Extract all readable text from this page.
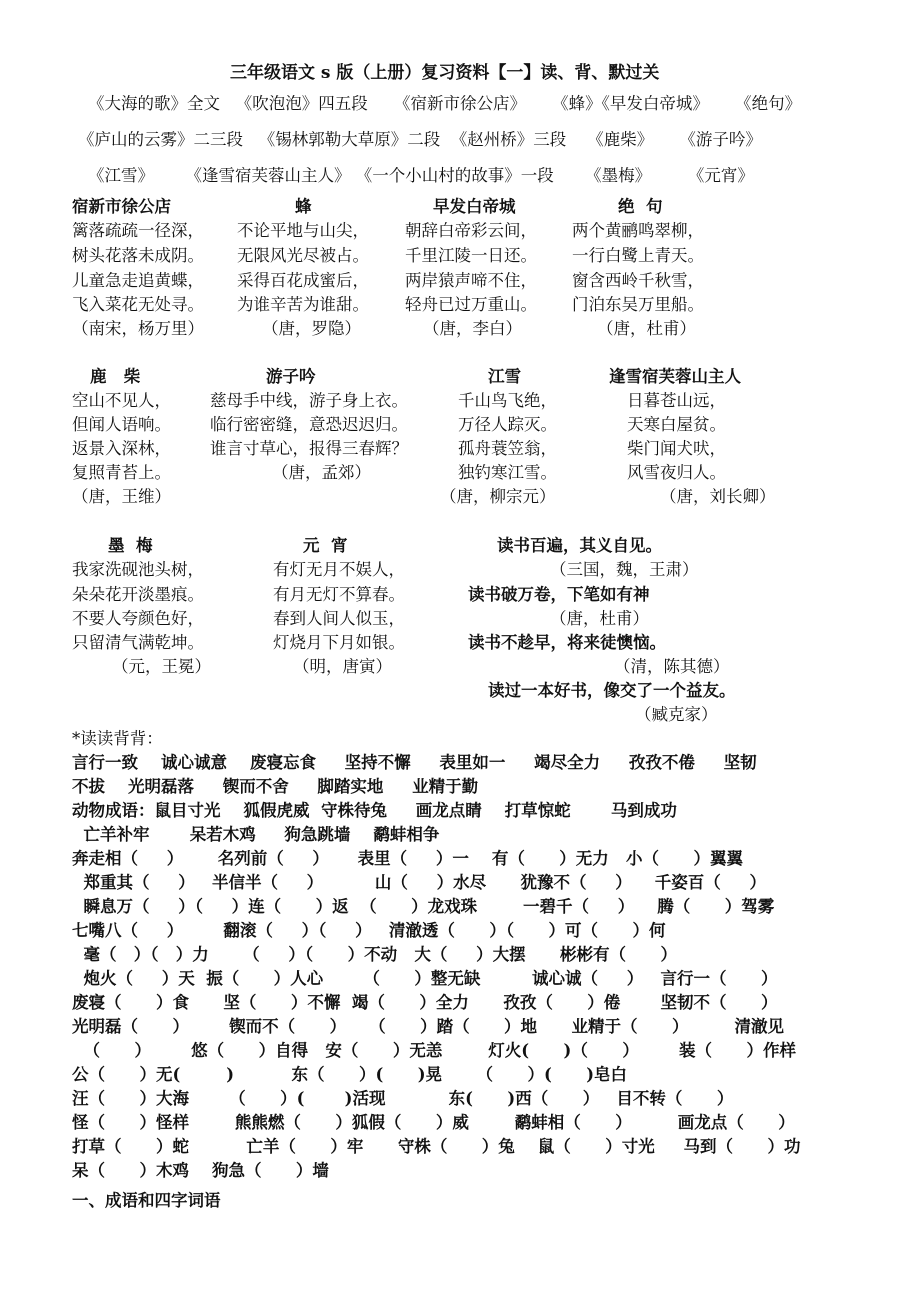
三年级语文 s 版（上册）复习资料【一】读、背、默过关
《大海的歌》全文   《吹泡泡》四五段     《宿新市徐公店》     《蜂》《早发白帝城》     《绝句》
《庐山的云雾》二三段   《锡林郭勒大草原》二段  《赵州桥》三段    《鹿柴》     《游子吟》
《江雪》      《逢雪宿芙蓉山主人》 《一个小山村的故事》一段      《墨梅》       《元宵》
宿新市徐公店
篱落疏疏一径深，
树头花落未成阴。
儿童急走追黄蝶，
飞入菜花无处寻。
（南宋，杨万里）
蜂
不论平地与山尖，
无限风光尽被占。
采得百花成蜜后，
为谁辛苦为谁甜。
（唐，罗隐）
早发白帝城
朝辞白帝彩云间，
千里江陵一日还。
两岸猿声啼不住，
轻舟已过万重山。
（唐，李白）
绝  句
两个黄鹂鸣翠柳，
一行白鹭上青天。
窗含西岭千秋雪，
门泊东吴万里船。
（唐，杜甫）
鹿   柴
空山不见人，
但闻人语响。
返景入深林，
复照青苔上。
（唐，王维）
游子吟
慈母手中线，游子身上衣。
临行密密缝，意恐迟迟归。
谁言寸草心，报得三春辉？
（唐，孟郊）
江雪
千山鸟飞绝，
万径人踪灭。
孤舟蓑笠翁，
独钓寒江雪。
（唐，柳宗元）
逢雪宿芙蓉山主人
日暮苍山远，
天寒白屋贫。
柴门闻犬吠，
风雪夜归人。
（唐，刘长卿）
墨  梅
我家洗砚池头树，
朵朵花开淡墨痕。
不要人夸颜色好，
只留清气满乾坤。
（元，王冕）
元  宵
有灯无月不娱人，
有月无灯不算春。
春到人间人似玉，
灯烧月下月如银。
（明，唐寅）
读书百遍，其义自见。
（三国，魏，王肃）
读书破万卷，下笔如有神
（唐，杜甫）
读书不趁早，将来徒懊恼。
（清，陈其德）
读过一本好书，像交了一个益友。
（臧克家）
*读读背背：
言行一致    诚心诚意    废寝忘食     坚持不懈     表里如一     竭尽全力     孜孜不倦     坚韧
不拔    光明磊落     锲而不舍     脚踏实地     业精于勤
动物成语：鼠目寸光    狐假虎威  守株待兔     画龙点睛    打草惊蛇       马到成功
亡羊补牢       呆若木鸡     狗急跳墙    鹬蚌相争
奔走相（     ）      名列前（     ）     表里（     ）一    有（      ）无力   小（      ）翼翼
郑重其（     ）   半信半（     ）         山（     ）水尽      犹豫不（     ）    千姿百（     ）
瞬息万（     ）（     ）连（      ）返  （      ）龙戏珠        一碧千（     ）    腾（      ）驾雾
七嘴八（     ）       翻滚（     ）（     ）   清澈透（      ）（      ）可（      ）何
毫（   ）（   ）力      （     ）（      ）不动   大（     ）大摆      彬彬有（      ）
炮火（     ）天  振（      ）人心       （      ）整无缺         诚心诚（     ）   言行一（      ）
废寝（      ）食      坚（      ）不懈  竭（      ）全力      孜孜（      ）倦       坚韧不（      ）
光明磊（      ）       锲而不（      ）    （      ）踏（      ）地      业精于（      ）        清澈见
（      ）       悠（      ）自得   安（      ）无恙        灯火(      )（      ）       装（      ）作样
公（      ）无(        )          东（      ）(      )晃      （      ）(      )皂白
汪（      ）大海       （      ）(       )活现           东(      )西（      ）   目不转（      ）
怪（      ）怪样        熊熊燃（      ）狐假（      ）威        鹬蚌相（      ）        画龙点（      ）
打草（      ）蛇          亡羊（      ）牢      守株（      ）兔    鼠（      ）寸光     马到（      ）功
呆（      ）木鸡    狗急（      ）墙
一、成语和四字词语
